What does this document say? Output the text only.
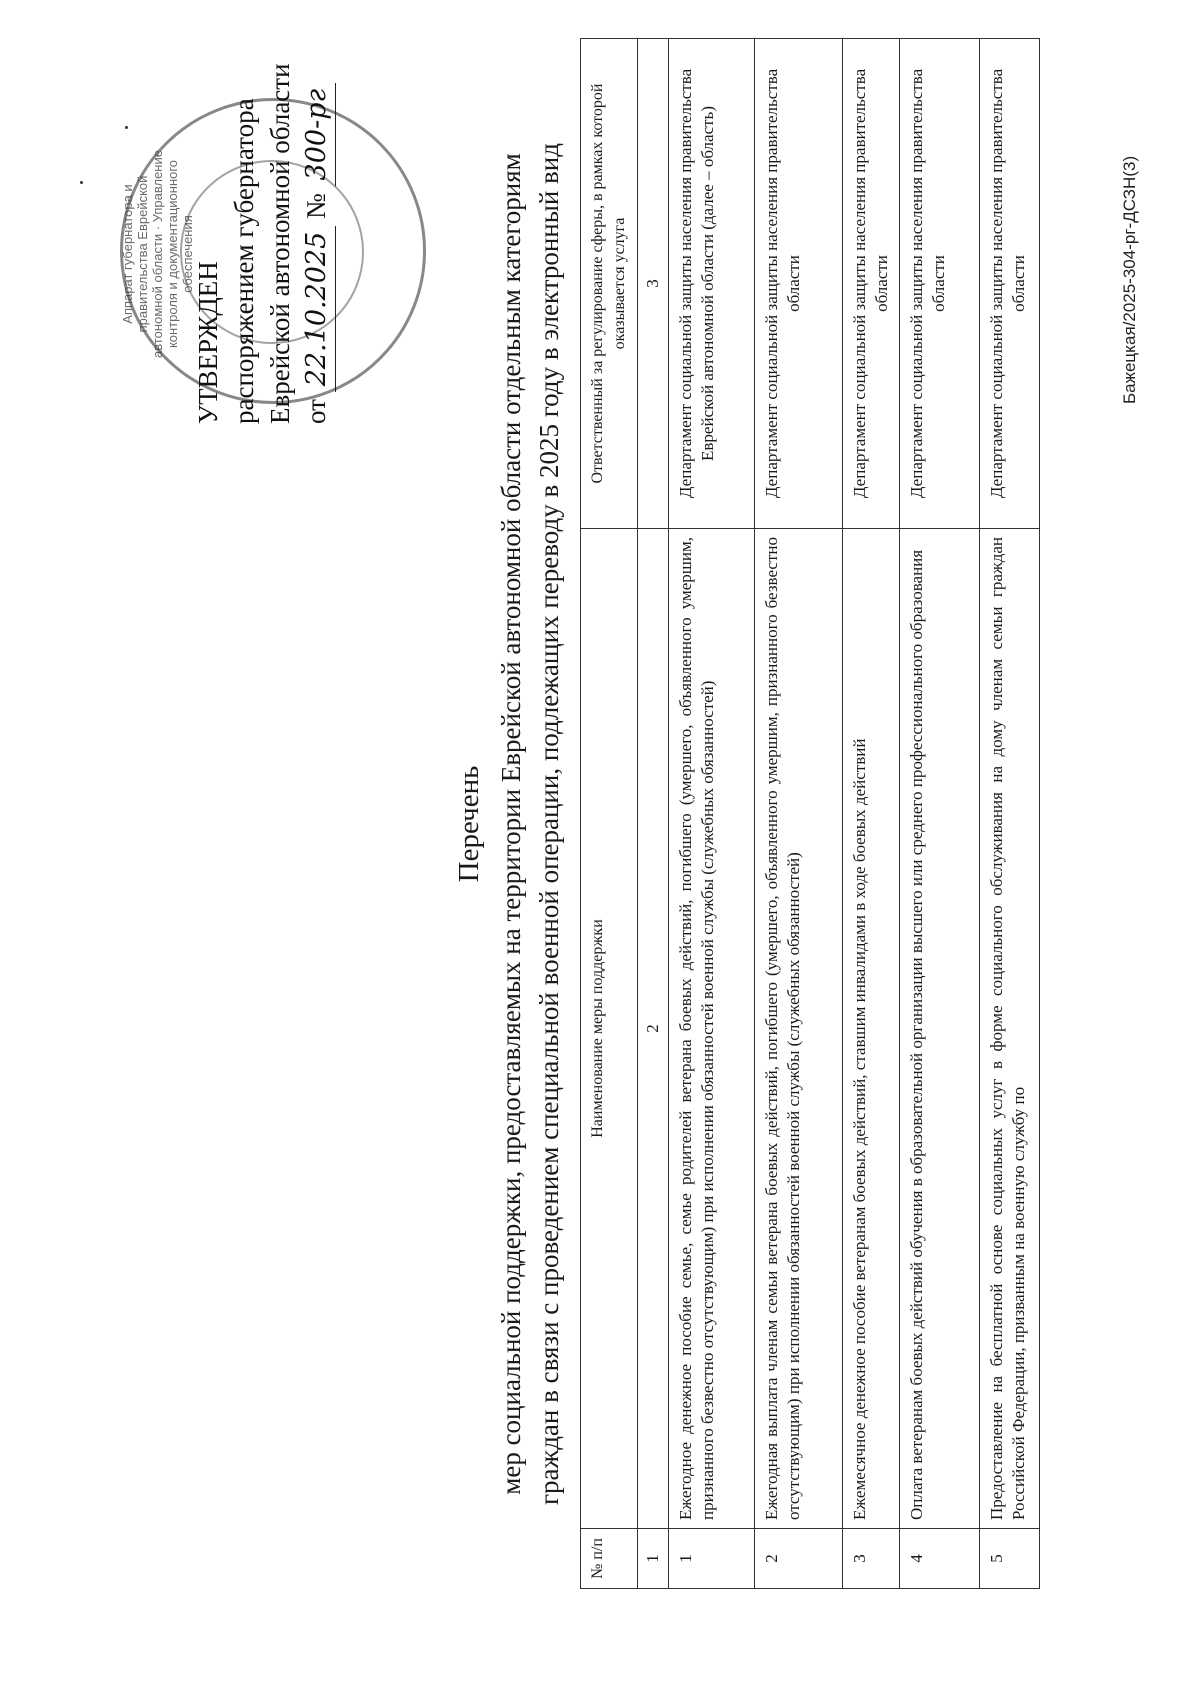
Аппарат губернатора и правительства Еврейской автономной области · Управление контроля и документационного обеспечения
УТВЕРЖДЕН распоряжением губернатора Еврейской автономной области от 22.10.2025 № 300-рг
Перечень мер социальной поддержки, предоставляемых на территории Еврейской автономной области отдельным категориям граждан в связи с проведением специальной военной операции, подлежащих переводу в 2025 году в электронный вид
№ п/п	Наименование меры поддержки	Ответственный за регулирование сферы, в рамках которой оказывается услуга
1	2	3
1	Ежегодное денежное пособие семье, семье родителей ветерана боевых действий, погибшего (умершего, объявленного умершим, признанного безвестно отсутствующим) при исполнении обязанностей военной службы (служебных обязанностей)	Департамент социальной защиты населения правительства Еврейской автономной области (далее – область)
2	Ежегодная выплата членам семьи ветерана боевых действий, погибшего (умершего, объявленного умершим, признанного безвестно отсутствующим) при исполнении обязанностей военной службы (служебных обязанностей)	Департамент социальной защиты населения правительства области
3	Ежемесячное денежное пособие ветеранам боевых действий, ставшим инвалидами в ходе боевых действий	Департамент социальной защиты населения правительства области
4	Оплата ветеранам боевых действий обучения в образовательной организации высшего или среднего профессионального образования	Департамент социальной защиты населения правительства области
5	Предоставление на бесплатной основе социальных услуг в форме социального обслуживания на дому членам семьи граждан Российской Федерации, призванным на военную службу по	Департамент социальной защиты населения правительства области	Бажецкая/2025-304-рг-ДСЗН(3)
